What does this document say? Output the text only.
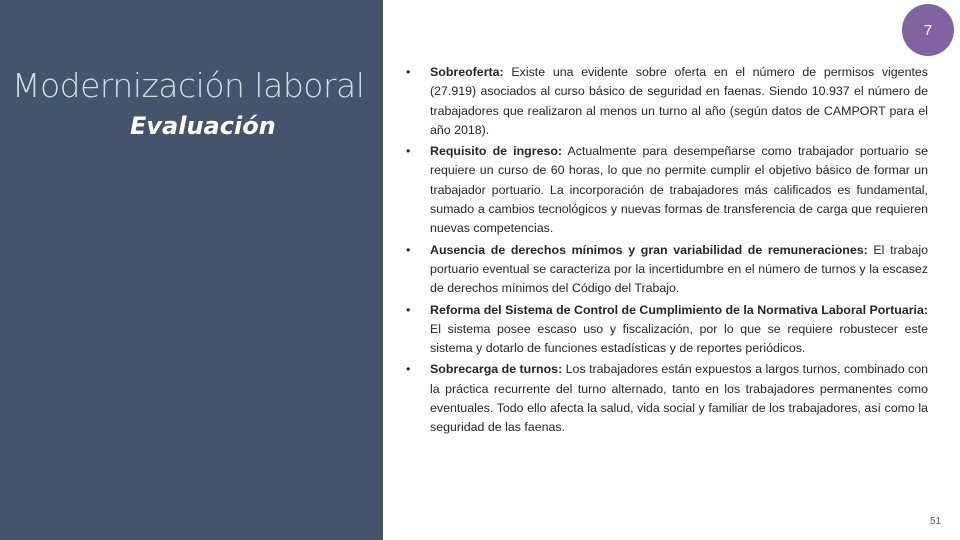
Modernización laboral
Evaluación
7
•	Sobreoferta: Existe una evidente sobre oferta en el número de permisos vigentes (27.919) asociados al curso básico de seguridad en faenas. Siendo 10.937 el número de trabajadores que realizaron al menos un turno al año (según datos de CAMPORT para el año 2018).
•	Requisito de ingreso: Actualmente para desempeñarse como trabajador portuario se requiere un curso de 60 horas, lo que no permite cumplir el objetivo básico de formar un trabajador portuario. La incorporación de trabajadores más calificados es fundamental, sumado a cambios tecnológicos y nuevas formas de transferencia de carga que requieren nuevas competencias.
•	Ausencia de derechos mínimos y gran variabilidad de remuneraciones: El trabajo portuario eventual se caracteriza por la incertidumbre en el número de turnos y la escasez de derechos mínimos del Código del Trabajo.
•	Reforma del Sistema de Control de Cumplimiento de la Normativa Laboral Portuaria: El sistema posee escaso uso y fiscalización, por lo que se requiere robustecer este sistema y dotarlo de funciones estadísticas y de reportes periódicos.
•	Sobrecarga de turnos: Los trabajadores están expuestos a largos turnos, combinado con la práctica recurrente del turno alternado, tanto en los trabajadores permanentes como eventuales. Todo ello afecta la salud, vida social y familiar de los trabajadores, así como la seguridad de las faenas.
51
